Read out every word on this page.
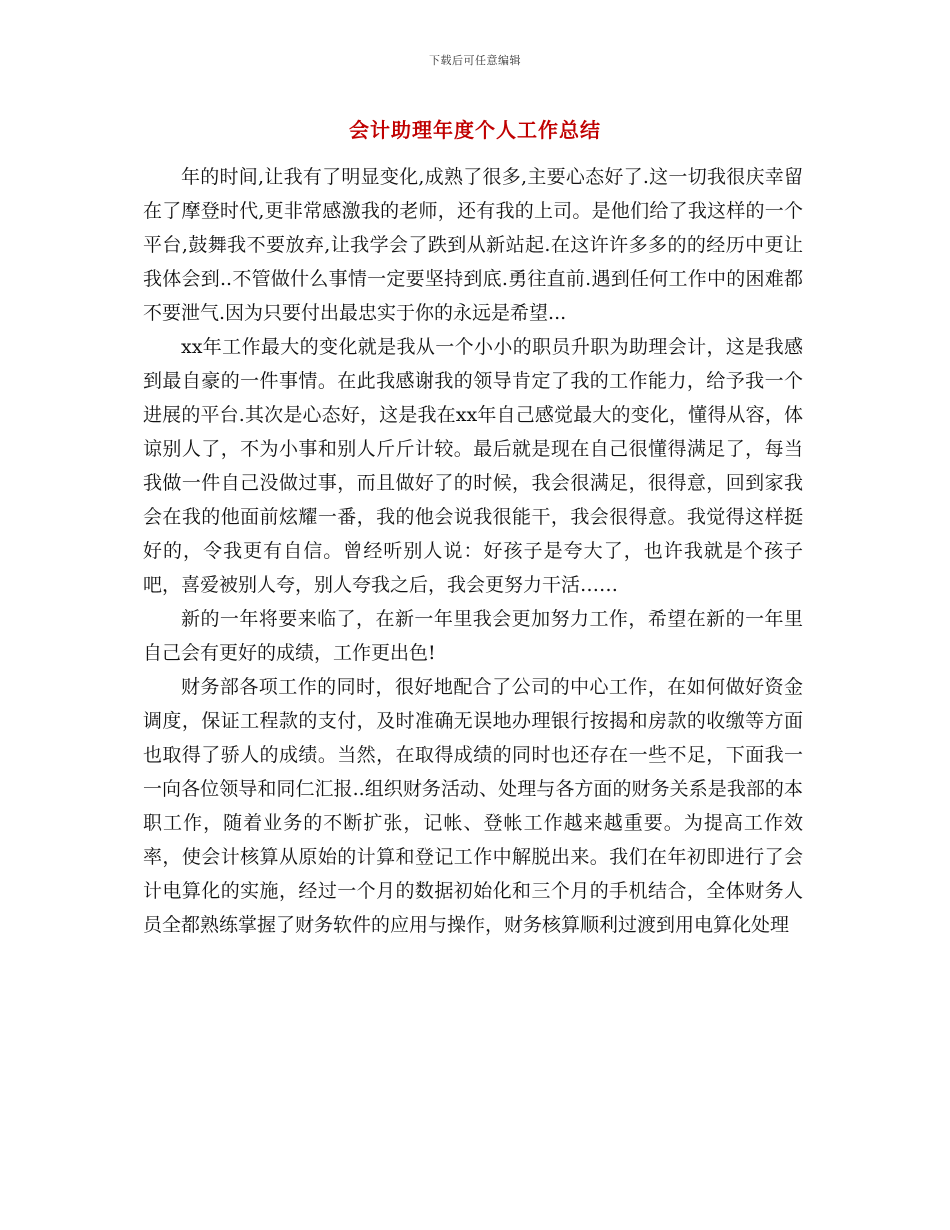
下载后可任意编辑
会计助理年度个人工作总结

年的时间,让我有了明显变化,成熟了很多,主要心态好了.这一切我很庆幸留在了摩登时代,更非常感激我的老师，还有我的上司。是他们给了我这样的一个平台,鼓舞我不要放弃,让我学会了跌到从新站起.在这许许多多的的经历中更让我体会到..不管做什么事情一定要坚持到底.勇往直前.遇到任何工作中的困难都不要泄气.因为只要付出最忠实于你的永远是希望...

xx年工作最大的变化就是我从一个小小的职员升职为助理会计，这是我感到最自豪的一件事情。在此我感谢我的领导肯定了我的工作能力，给予我一个进展的平台.其次是心态好，这是我在xx年自己感觉最大的变化，懂得从容，体谅别人了，不为小事和别人斤斤计较。最后就是现在自己很懂得满足了，每当我做一件自己没做过事，而且做好了的时候，我会很满足，很得意，回到家我会在我的他面前炫耀一番，我的他会说我很能干，我会很得意。我觉得这样挺好的，令我更有自信。曾经听别人说：好孩子是夸大了，也许我就是个孩子吧，喜爱被别人夸，别人夸我之后，我会更努力干活……

新的一年将要来临了，在新一年里我会更加努力工作，希望在新的一年里自己会有更好的成绩，工作更出色!

财务部各项工作的同时，很好地配合了公司的中心工作，在如何做好资金调度，保证工程款的支付，及时准确无误地办理银行按揭和房款的收缴等方面也取得了骄人的成绩。当然，在取得成绩的同时也还存在一些不足，下面我一一向各位领导和同仁汇报..组织财务活动、处理与各方面的财务关系是我部的本职工作，随着业务的不断扩张，记帐、登帐工作越来越重要。为提高工作效率，使会计核算从原始的计算和登记工作中解脱出来。我们在年初即进行了会计电算化的实施，经过一个月的数据初始化和三个月的手机结合，全体财务人员全都熟练掌握了财务软件的应用与操作，财务核算顺利过渡到用电算化处理
